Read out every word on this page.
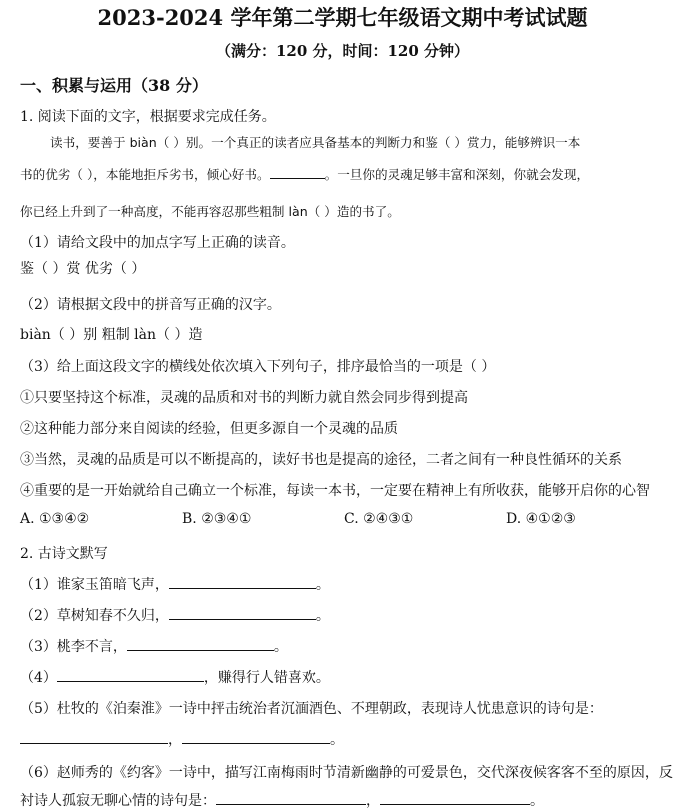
2023-2024 学年第二学期七年级语文期中考试试题
（满分：120 分，时间：120 分钟）
一、积累与运用（38 分）
1. 阅读下面的文字，根据要求完成任务。
读书，要善于 biàn（ ）别。一个真正的读者应具备基本的判断力和鉴（ ）赏力，能够辨识一本
书的优劣（ ），本能地拒斥劣书，倾心好书。	。一旦你的灵魂足够丰富和深刻，你就会发现，
你已经上升到了一种高度，不能再容忍那些粗制 làn（ ）造的书了。
（1）请给文段中的加点字写上正确的读音。
鉴（ ）赏 优劣（ ）
（2）请根据文段中的拼音写正确的汉字。
biàn（ ）别 粗制 làn（ ）造
（3）给上面这段文字的横线处依次填入下列句子，排序最恰当的一项是（ ）
①只要坚持这个标准，灵魂的品质和对书的判断力就自然会同步得到提高
②这种能力部分来自阅读的经验，但更多源自一个灵魂的品质
③当然，灵魂的品质是可以不断提高的，读好书也是提高的途径，二者之间有一种良性循环的关系
④重要的是一开始就给自己确立一个标准，每读一本书，一定要在精神上有所收获，能够开启你的心智
A. ①③④②	B. ②③④①	C. ②④③①	D. ④①②③
2. 古诗文默写
（1）谁家玉笛暗飞声，	。
（2）草树知春不久归，	。
（3）桃李不言，	。
（4）	，赚得行人错喜欢。
（5）杜牧的《泊秦淮》一诗中抨击统治者沉湎酒色、不理朝政，表现诗人忧患意识的诗句是：
，	。
（6）赵师秀的《约客》一诗中，描写江南梅雨时节清新幽静的可爱景色，交代深夜候客客不至的原因，反
衬诗人孤寂无聊心情的诗句是：	，	。
